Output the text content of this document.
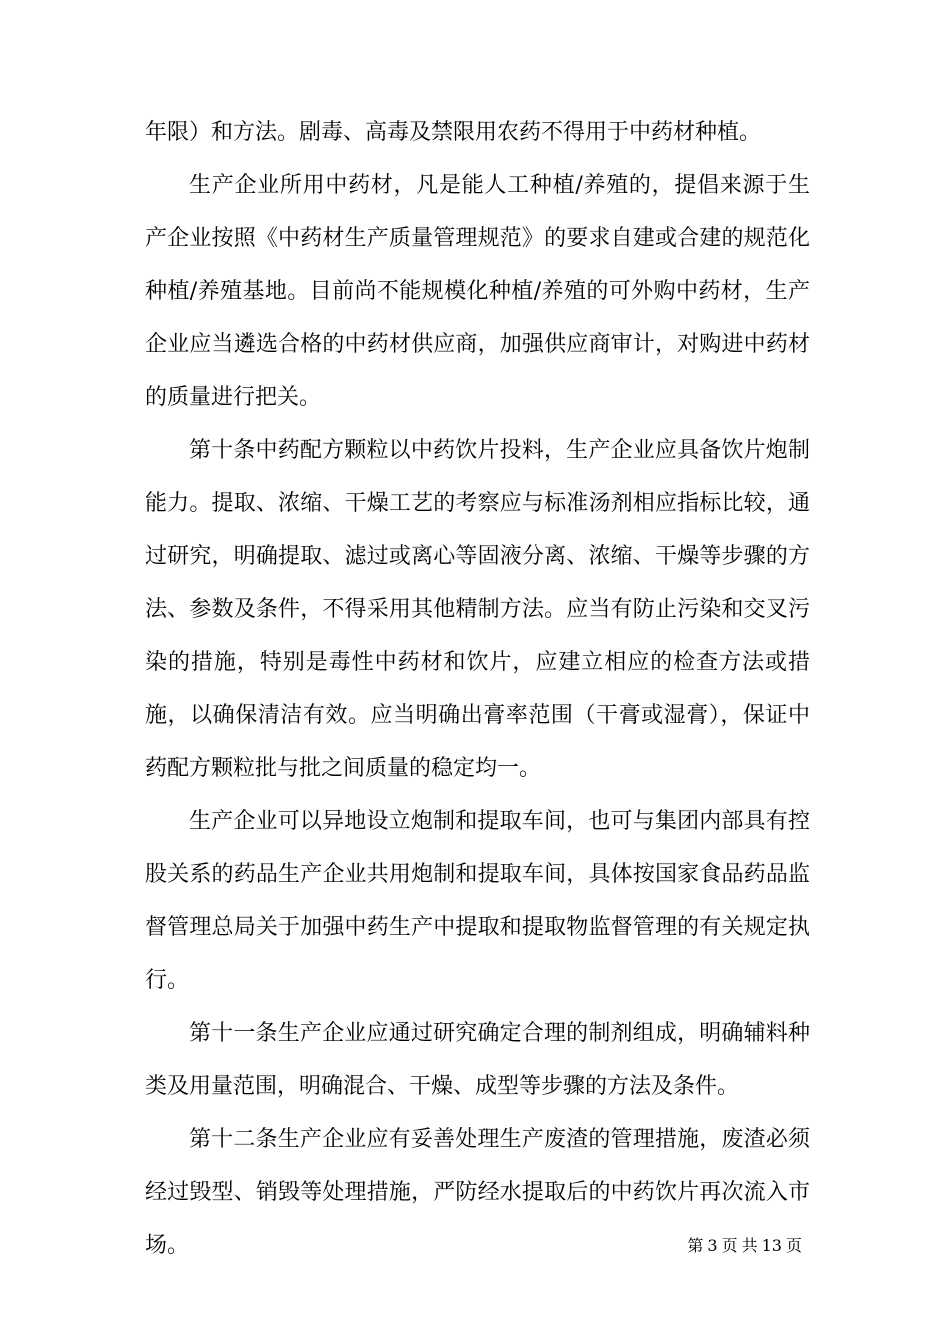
年限）和方法。剧毒、高毒及禁限用农药不得用于中药材种植。

生产企业所用中药材，凡是能人工种植/养殖的，提倡来源于生产企业按照《中药材生产质量管理规范》的要求自建或合建的规范化种植/养殖基地。目前尚不能规模化种植/养殖的可外购中药材，生产企业应当遴选合格的中药材供应商，加强供应商审计，对购进中药材的质量进行把关。

第十条中药配方颗粒以中药饮片投料，生产企业应具备饮片炮制能力。提取、浓缩、干燥工艺的考察应与标准汤剂相应指标比较，通过研究，明确提取、滤过或离心等固液分离、浓缩、干燥等步骤的方法、参数及条件，不得采用其他精制方法。应当有防止污染和交叉污染的措施，特别是毒性中药材和饮片，应建立相应的检查方法或措施，以确保清洁有效。应当明确出膏率范围（干膏或湿膏），保证中药配方颗粒批与批之间质量的稳定均一。

生产企业可以异地设立炮制和提取车间，也可与集团内部具有控股关系的药品生产企业共用炮制和提取车间，具体按国家食品药品监督管理总局关于加强中药生产中提取和提取物监督管理的有关规定执行。

第十一条生产企业应通过研究确定合理的制剂组成，明确辅料种类及用量范围，明确混合、干燥、成型等步骤的方法及条件。

第十二条生产企业应有妥善处理生产废渣的管理措施，废渣必须经过毁型、销毁等处理措施，严防经水提取后的中药饮片再次流入市场。	第 3 页 共 13 页
